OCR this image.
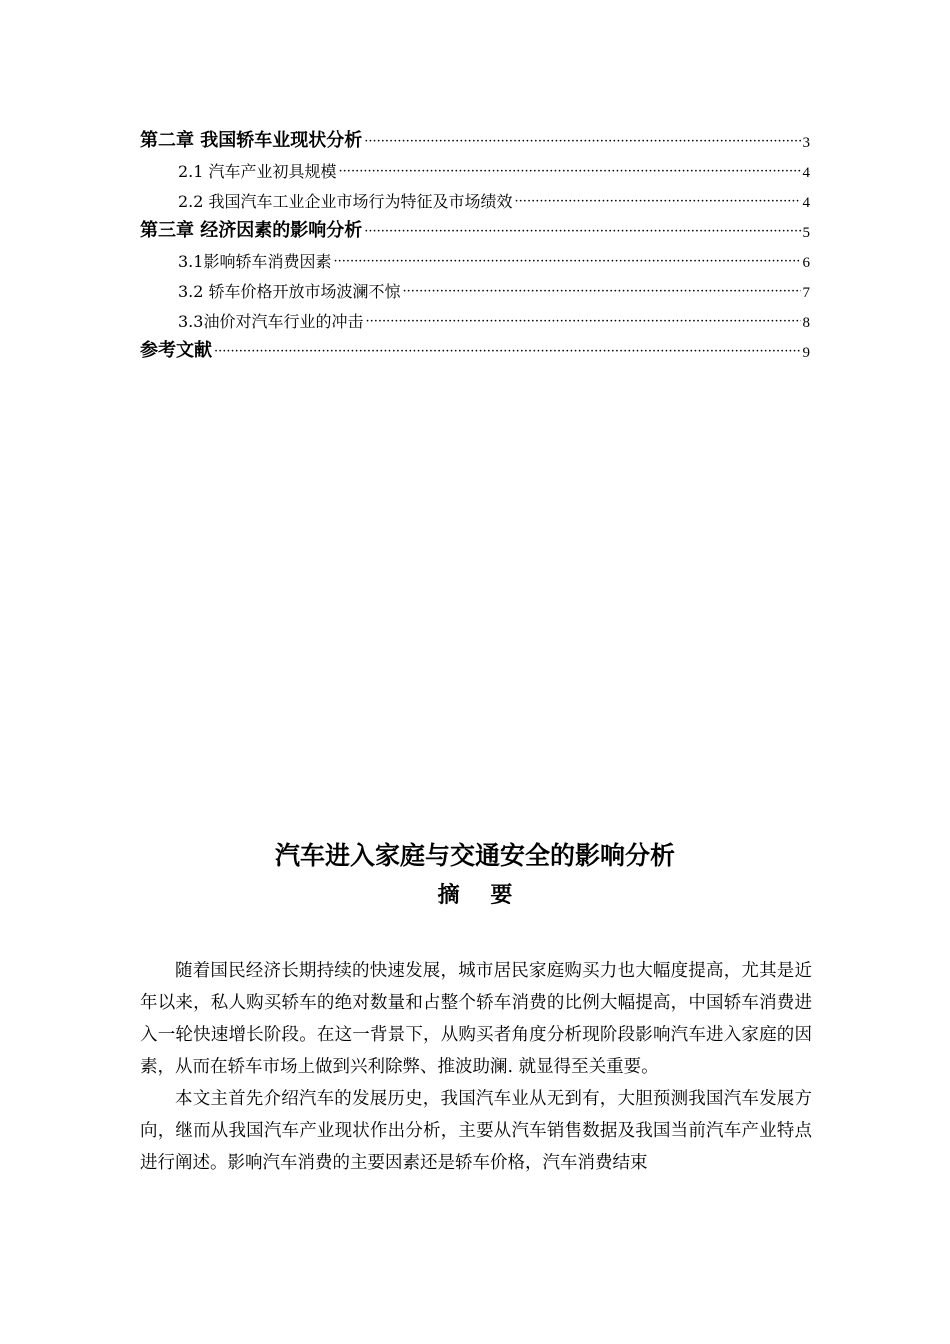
第二章 我国轿车业现状分析 ·····	3
2.1 汽车产业初具规模 ·····	4
2.2 我国汽车工业企业市场行为特征及市场绩效 ·····	4
第三章 经济因素的影响分析 ·····	5
3.1影响轿车消费因素 ·····	6
3.2 轿车价格开放市场波澜不惊 ·····	7
3.3油价对汽车行业的冲击 ·····	8
参考文献 ·····	9
汽车进入家庭与交通安全的影响分析
摘要

随着国民经济长期持续的快速发展，城市居民家庭购买力也大幅度提高，尤其是近年以来，私人购买轿车的绝对数量和占整个轿车消费的比例大幅提高，中国轿车消费进入一轮快速增长阶段。在这一背景下，从购买者角度分析现阶段影响汽车进入家庭的因素，从而在轿车市场上做到兴利除弊、推波助澜. 就显得至关重要。

本文主首先介绍汽车的发展历史，我国汽车业从无到有，大胆预测我国汽车发展方向，继而从我国汽车产业现状作出分析，主要从汽车销售数据及我国当前汽车产业特点进行阐述。影响汽车消费的主要因素还是轿车价格，汽车消费结束
